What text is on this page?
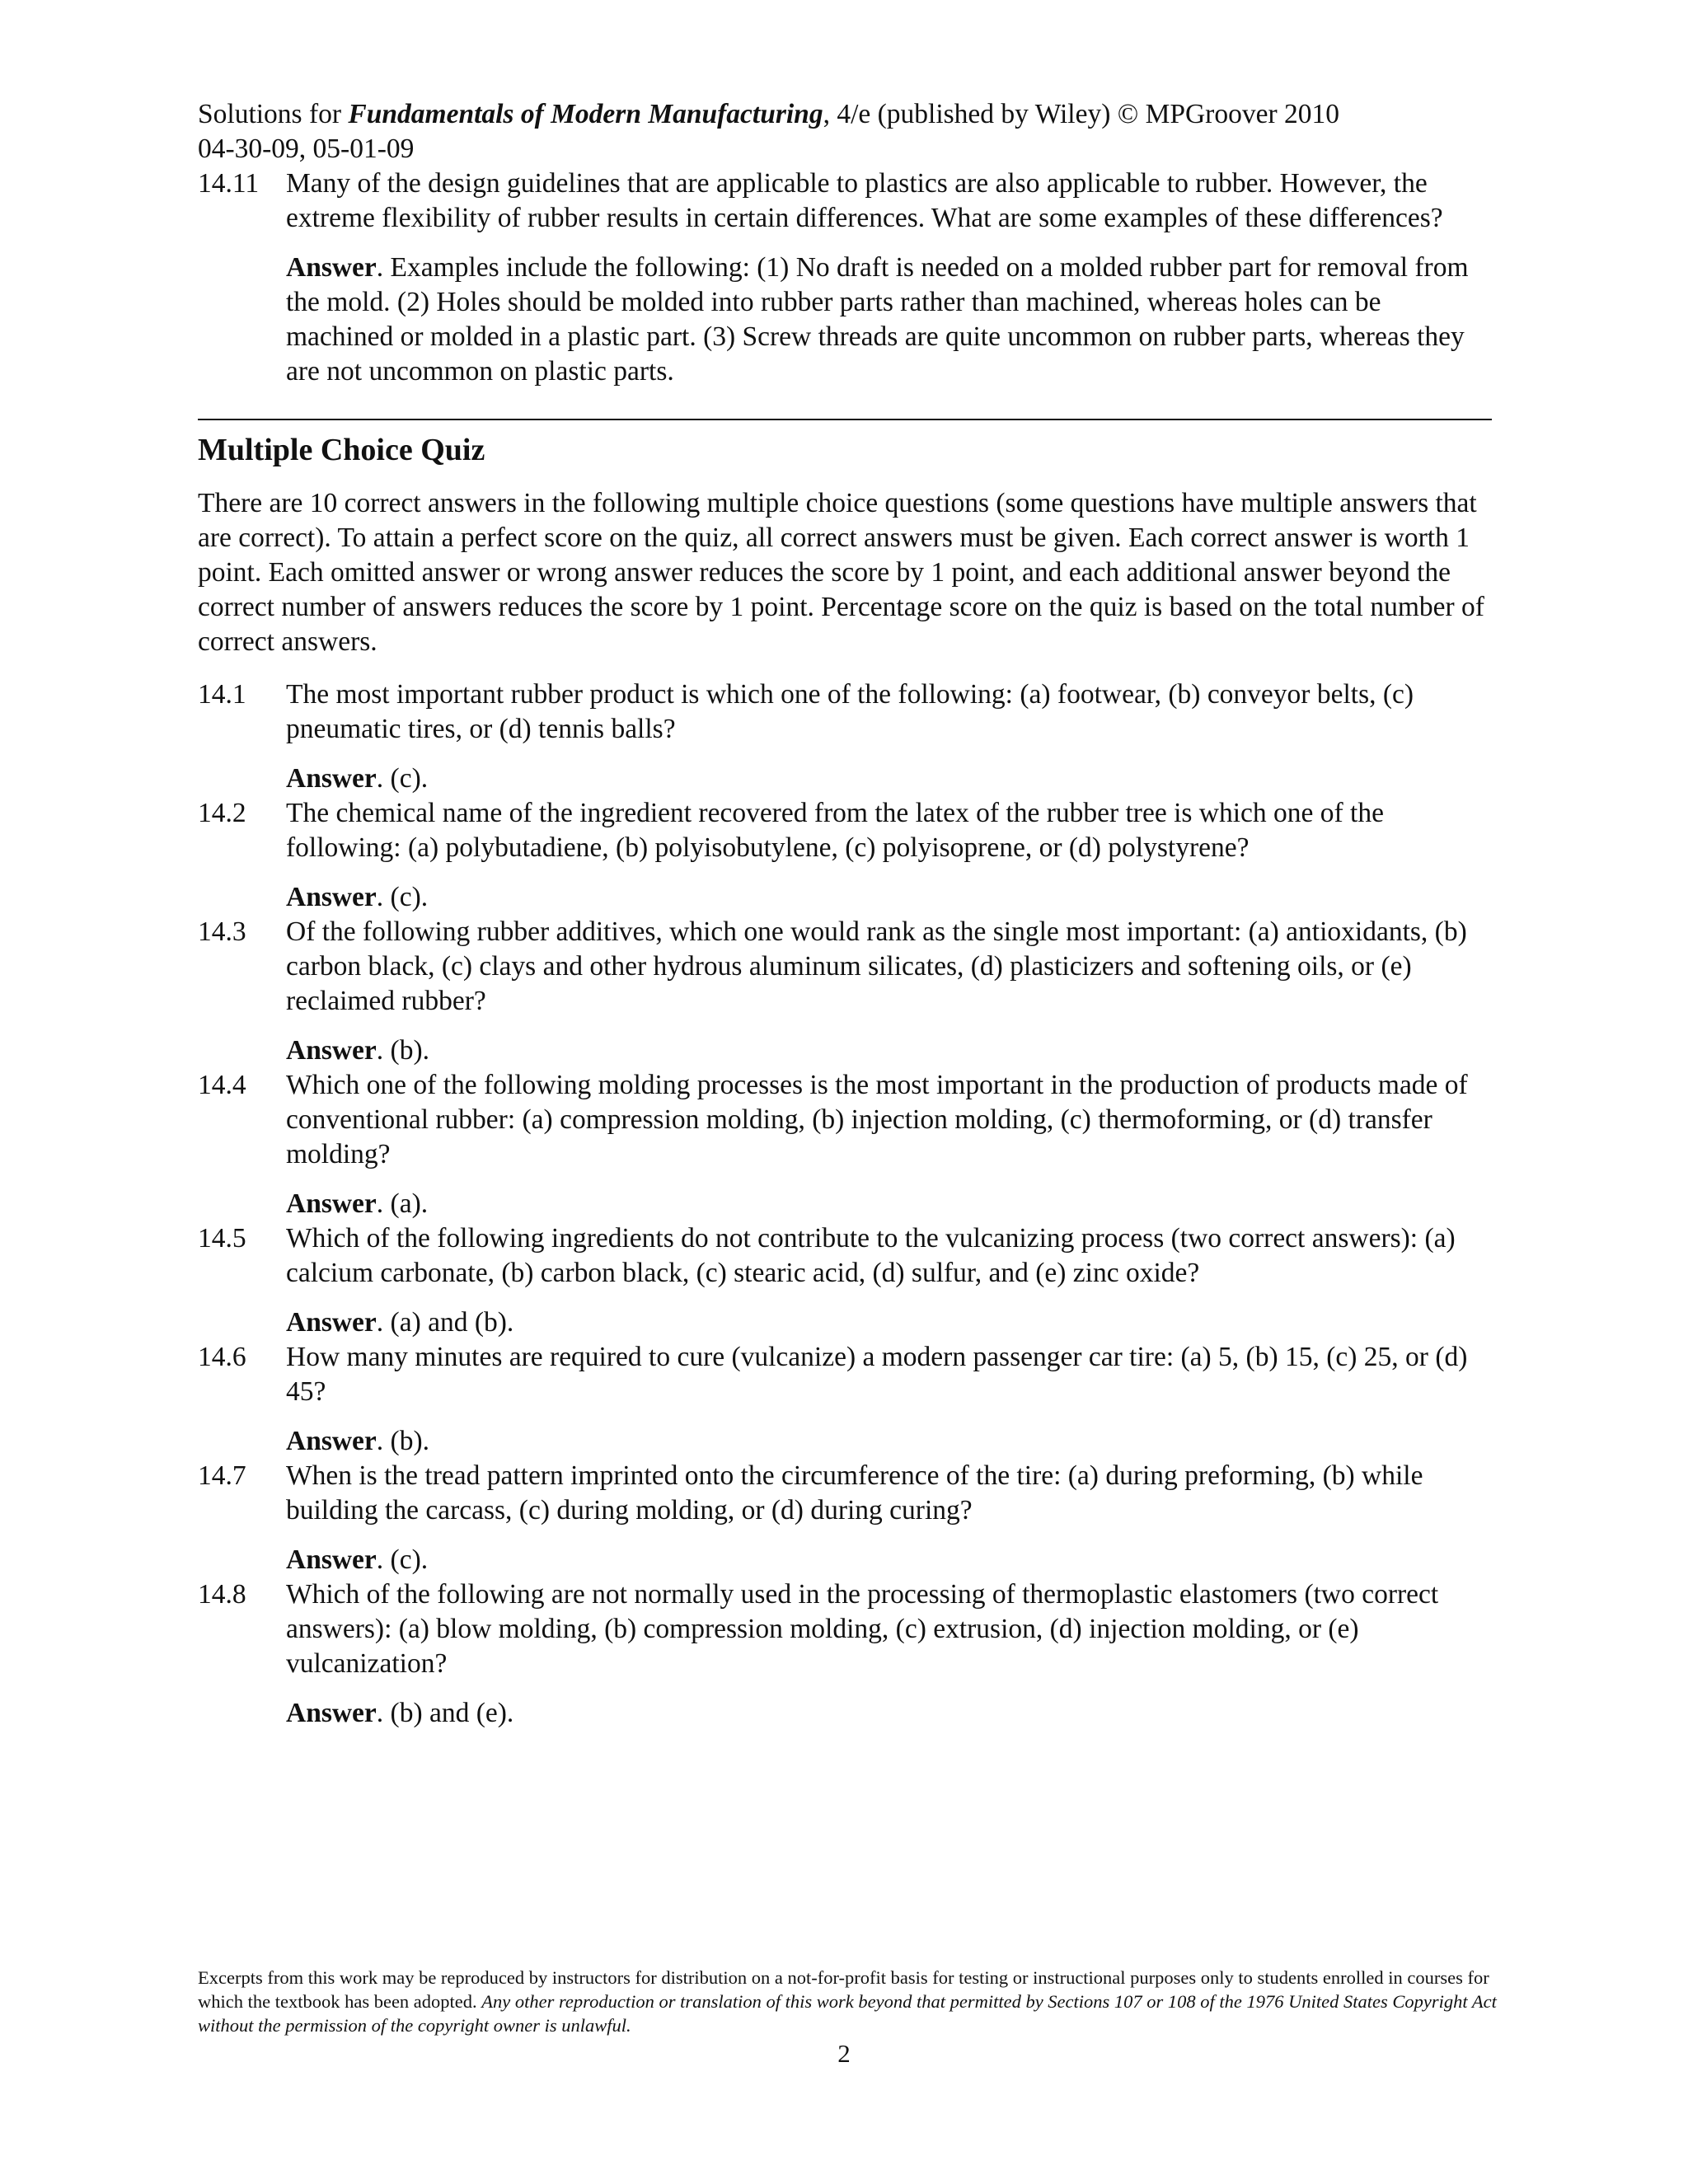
Solutions for Fundamentals of Modern Manufacturing, 4/e (published by Wiley) © MPGroover 2010

04-30-09, 05-01-09

14.11 Many of the design guidelines that are applicable to plastics are also applicable to rubber. However, the extreme flexibility of rubber results in certain differences. What are some examples of these differences?

Answer. Examples include the following: (1) No draft is needed on a molded rubber part for removal from the mold. (2) Holes should be molded into rubber parts rather than machined, whereas holes can be machined or molded in a plastic part. (3) Screw threads are quite uncommon on rubber parts, whereas they are not uncommon on plastic parts.

Multiple Choice Quiz

There are 10 correct answers in the following multiple choice questions (some questions have multiple answers that are correct). To attain a perfect score on the quiz, all correct answers must be given. Each correct answer is worth 1 point. Each omitted answer or wrong answer reduces the score by 1 point, and each additional answer beyond the correct number of answers reduces the score by 1 point. Percentage score on the quiz is based on the total number of correct answers.

14.1 The most important rubber product is which one of the following: (a) footwear, (b) conveyor belts, (c) pneumatic tires, or (d) tennis balls?

Answer. (c).

14.2 The chemical name of the ingredient recovered from the latex of the rubber tree is which one of the following: (a) polybutadiene, (b) polyisobutylene, (c) polyisoprene, or (d) polystyrene?

Answer. (c).

14.3 Of the following rubber additives, which one would rank as the single most important: (a) antioxidants, (b) carbon black, (c) clays and other hydrous aluminum silicates, (d) plasticizers and softening oils, or (e) reclaimed rubber?

Answer. (b).

14.4 Which one of the following molding processes is the most important in the production of products made of conventional rubber: (a) compression molding, (b) injection molding, (c) thermoforming, or (d) transfer molding?

Answer. (a).

14.5 Which of the following ingredients do not contribute to the vulcanizing process (two correct answers): (a) calcium carbonate, (b) carbon black, (c) stearic acid, (d) sulfur, and (e) zinc oxide?

Answer. (a) and (b).

14.6 How many minutes are required to cure (vulcanize) a modern passenger car tire: (a) 5, (b) 15, (c) 25, or (d) 45?

Answer. (b).

14.7 When is the tread pattern imprinted onto the circumference of the tire: (a) during preforming, (b) while building the carcass, (c) during molding, or (d) during curing?

Answer. (c).

14.8 Which of the following are not normally used in the processing of thermoplastic elastomers (two correct answers): (a) blow molding, (b) compression molding, (c) extrusion, (d) injection molding, or (e) vulcanization?

Answer. (b) and (e).

Excerpts from this work may be reproduced by instructors for distribution on a not-for-profit basis for testing or instructional purposes only to students enrolled in courses for which the textbook has been adopted. Any other reproduction or translation of this work beyond that permitted by Sections 107 or 108 of the 1976 United States Copyright Act without the permission of the copyright owner is unlawful.

2
